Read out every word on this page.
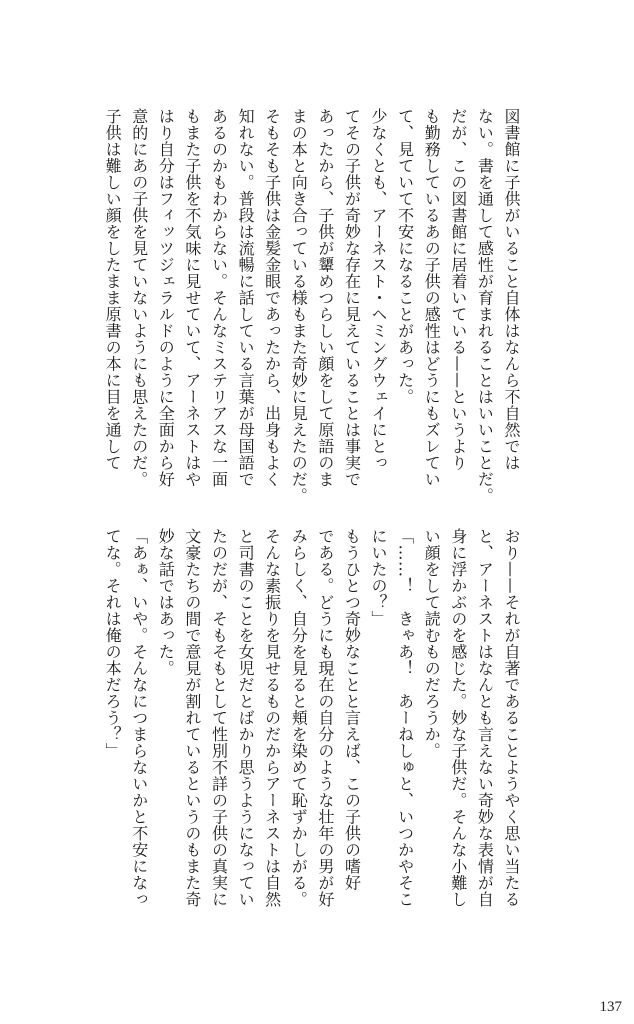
図書館に子供がいること自体はなんら不自然では
ない。書を通して感性が育まれることはいいことだ。
だが、この図書館に居着いている——というより
も勤務しているあの子供の感性はどうにもズレてい
て、見ていて不安になることがあった。
少なくとも、アーネスト・ヘミングウェイにとっ
てその子供が奇妙な存在に見えていることは事実で
あったから、子供が顰めつらしい顔をして原語のま
まの本と向き合っている様もまた奇妙に見えたのだ。
そもそも子供は金髪金眼であったから、出身もよく
知れない。普段は流暢に話している言葉が母国語で
あるのかもわからない。そんなミステリアスな一面
もまた子供を不気味に見せていて、アーネストはや
はり自分はフィッツジェラルドのように全面から好
意的にあの子供を見ていないようにも思えたのだ。
子供は難しい顔をしたまま原書の本に目を通して
おり——それが自著であることようやく思い当たる
と、アーネストはなんとも言えない奇妙な表情が自
身に浮かぶのを感じた。妙な子供だ。そんな小難し
い顔をして読むものだろうか。
「……！　きゃあ！　あーねしゅと、いつかやそこ
にいたの？」
もうひとつ奇妙なことと言えば、この子供の嗜好
である。どうにも現在の自分のような壮年の男が好
みらしく、自分を見ると頬を染めて恥ずかしがる。
そんな素振りを見せるものだからアーネストは自然
と司書のことを女児だとばかり思うようになってい
たのだが、そもそもとして性別不詳の子供の真実に
文豪たちの間で意見が割れているというのもまた奇
妙な話ではあった。
「あぁ、いや。そんなにつまらないかと不安になっ
てな。それは俺の本だろう？」
137
